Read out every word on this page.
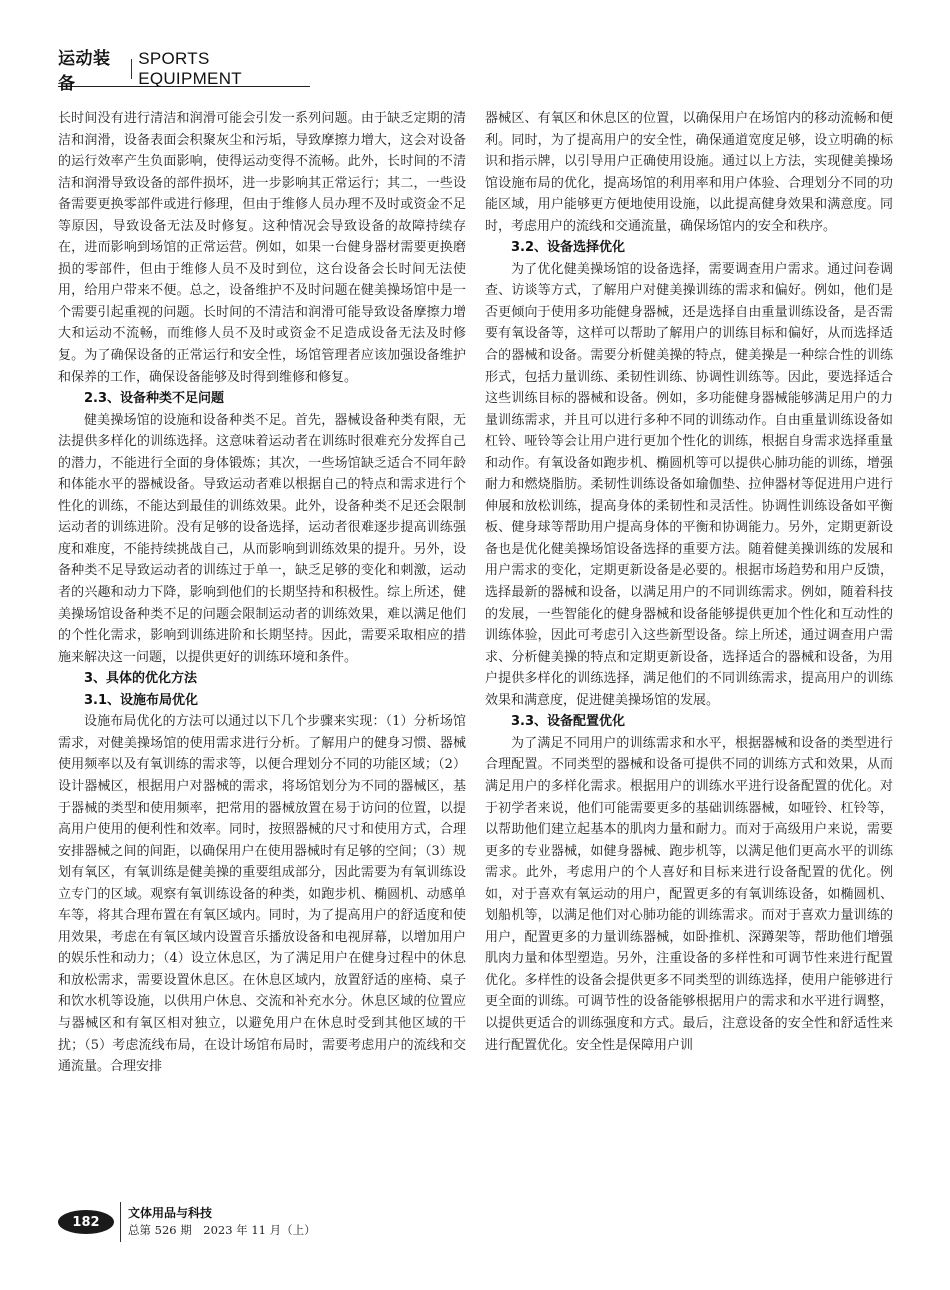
运动装备
SPORTS EQUIPMENT

长时间没有进行清洁和润滑可能会引发一系列问题。由于缺乏定期的清洁和润滑，设备表面会积聚灰尘和污垢，导致摩擦力增大，这会对设备的运行效率产生负面影响，使得运动变得不流畅。此外，长时间的不清洁和润滑导致设备的部件损坏，进一步影响其正常运行；其二，一些设备需要更换零部件或进行修理，但由于维修人员办理不及时或资金不足等原因，导致设备无法及时修复。这种情况会导致设备的故障持续存在，进而影响到场馆的正常运营。例如，如果一台健身器材需要更换磨损的零部件，但由于维修人员不及时到位，这台设备会长时间无法使用，给用户带来不便。总之，设备维护不及时问题在健美操场馆中是一个需要引起重视的问题。长时间的不清洁和润滑可能导致设备摩擦力增大和运动不流畅，而维修人员不及时或资金不足造成设备无法及时修复。为了确保设备的正常运行和安全性，场馆管理者应该加强设备维护和保养的工作，确保设备能够及时得到维修和修复。

2.3、设备种类不足问题

健美操场馆的设施和设备种类不足。首先，器械设备种类有限，无法提供多样化的训练选择。这意味着运动者在训练时很难充分发挥自己的潜力，不能进行全面的身体锻炼；其次，一些场馆缺乏适合不同年龄和体能水平的器械设备。导致运动者难以根据自己的特点和需求进行个性化的训练，不能达到最佳的训练效果。此外，设备种类不足还会限制运动者的训练进阶。没有足够的设备选择，运动者很难逐步提高训练强度和难度，不能持续挑战自己，从而影响到训练效果的提升。另外，设备种类不足导致运动者的训练过于单一，缺乏足够的变化和刺激，运动者的兴趣和动力下降，影响到他们的长期坚持和积极性。综上所述，健美操场馆设备种类不足的问题会限制运动者的训练效果，难以满足他们的个性化需求，影响到训练进阶和长期坚持。因此，需要采取相应的措施来解决这一问题，以提供更好的训练环境和条件。

3、具体的优化方法
3.1、设施布局优化

设施布局优化的方法可以通过以下几个步骤来实现：（1）分析场馆需求，对健美操场馆的使用需求进行分析。了解用户的健身习惯、器械使用频率以及有氧训练的需求等，以便合理划分不同的功能区域；（2）设计器械区，根据用户对器械的需求，将场馆划分为不同的器械区，基于器械的类型和使用频率，把常用的器械放置在易于访问的位置，以提高用户使用的便利性和效率。同时，按照器械的尺寸和使用方式，合理安排器械之间的间距，以确保用户在使用器械时有足够的空间；（3）规划有氧区，有氧训练是健美操的重要组成部分，因此需要为有氧训练设立专门的区域。观察有氧训练设备的种类，如跑步机、椭圆机、动感单车等，将其合理布置在有氧区域内。同时，为了提高用户的舒适度和使用效果，考虑在有氧区域内设置音乐播放设备和电视屏幕，以增加用户的娱乐性和动力；（4）设立休息区，为了满足用户在健身过程中的休息和放松需求，需要设置休息区。在休息区域内，放置舒适的座椅、桌子和饮水机等设施，以供用户休息、交流和补充水分。休息区域的位置应与器械区和有氧区相对独立，以避免用户在休息时受到其他区域的干扰；（5）考虑流线布局，在设计场馆布局时，需要考虑用户的流线和交通流量。合理安排

器械区、有氧区和休息区的位置，以确保用户在场馆内的移动流畅和便利。同时，为了提高用户的安全性，确保通道宽度足够，设立明确的标识和指示牌，以引导用户正确使用设施。通过以上方法，实现健美操场馆设施布局的优化，提高场馆的利用率和用户体验、合理划分不同的功能区域，用户能够更方便地使用设施，以此提高健身效果和满意度。同时，考虑用户的流线和交通流量，确保场馆内的安全和秩序。

3.2、设备选择优化

为了优化健美操场馆的设备选择，需要调查用户需求。通过问卷调查、访谈等方式，了解用户对健美操训练的需求和偏好。例如，他们是否更倾向于使用多功能健身器械，还是选择自由重量训练设备，是否需要有氧设备等，这样可以帮助了解用户的训练目标和偏好，从而选择适合的器械和设备。需要分析健美操的特点，健美操是一种综合性的训练形式，包括力量训练、柔韧性训练、协调性训练等。因此，要选择适合这些训练目标的器械和设备。例如，多功能健身器械能够满足用户的力量训练需求，并且可以进行多种不同的训练动作。自由重量训练设备如杠铃、哑铃等会让用户进行更加个性化的训练，根据自身需求选择重量和动作。有氧设备如跑步机、椭圆机等可以提供心肺功能的训练，增强耐力和燃烧脂肪。柔韧性训练设备如瑜伽垫、拉伸器材等促进用户进行伸展和放松训练，提高身体的柔韧性和灵活性。协调性训练设备如平衡板、健身球等帮助用户提高身体的平衡和协调能力。另外，定期更新设备也是优化健美操场馆设备选择的重要方法。随着健美操训练的发展和用户需求的变化，定期更新设备是必要的。根据市场趋势和用户反馈，选择最新的器械和设备，以满足用户的不同训练需求。例如，随着科技的发展，一些智能化的健身器械和设备能够提供更加个性化和互动性的训练体验，因此可考虑引入这些新型设备。综上所述，通过调查用户需求、分析健美操的特点和定期更新设备，选择适合的器械和设备，为用户提供多样化的训练选择，满足他们的不同训练需求，提高用户的训练效果和满意度，促进健美操场馆的发展。

3.3、设备配置优化

为了满足不同用户的训练需求和水平，根据器械和设备的类型进行合理配置。不同类型的器械和设备可提供不同的训练方式和效果，从而满足用户的多样化需求。根据用户的训练水平进行设备配置的优化。对于初学者来说，他们可能需要更多的基础训练器械，如哑铃、杠铃等，以帮助他们建立起基本的肌肉力量和耐力。而对于高级用户来说，需要更多的专业器械，如健身器械、跑步机等，以满足他们更高水平的训练需求。此外，考虑用户的个人喜好和目标来进行设备配置的优化。例如，对于喜欢有氧运动的用户，配置更多的有氧训练设备，如椭圆机、划船机等，以满足他们对心肺功能的训练需求。而对于喜欢力量训练的用户，配置更多的力量训练器械，如卧推机、深蹲架等，帮助他们增强肌肉力量和体型塑造。另外，注重设备的多样性和可调节性来进行配置优化。多样性的设备会提供更多不同类型的训练选择，使用户能够进行更全面的训练。可调节性的设备能够根据用户的需求和水平进行调整，以提供更适合的训练强度和方式。最后，注意设备的安全性和舒适性来进行配置优化。安全性是保障用户训

182
文体用品与科技
总第 526 期　2023 年 11 月（上）
